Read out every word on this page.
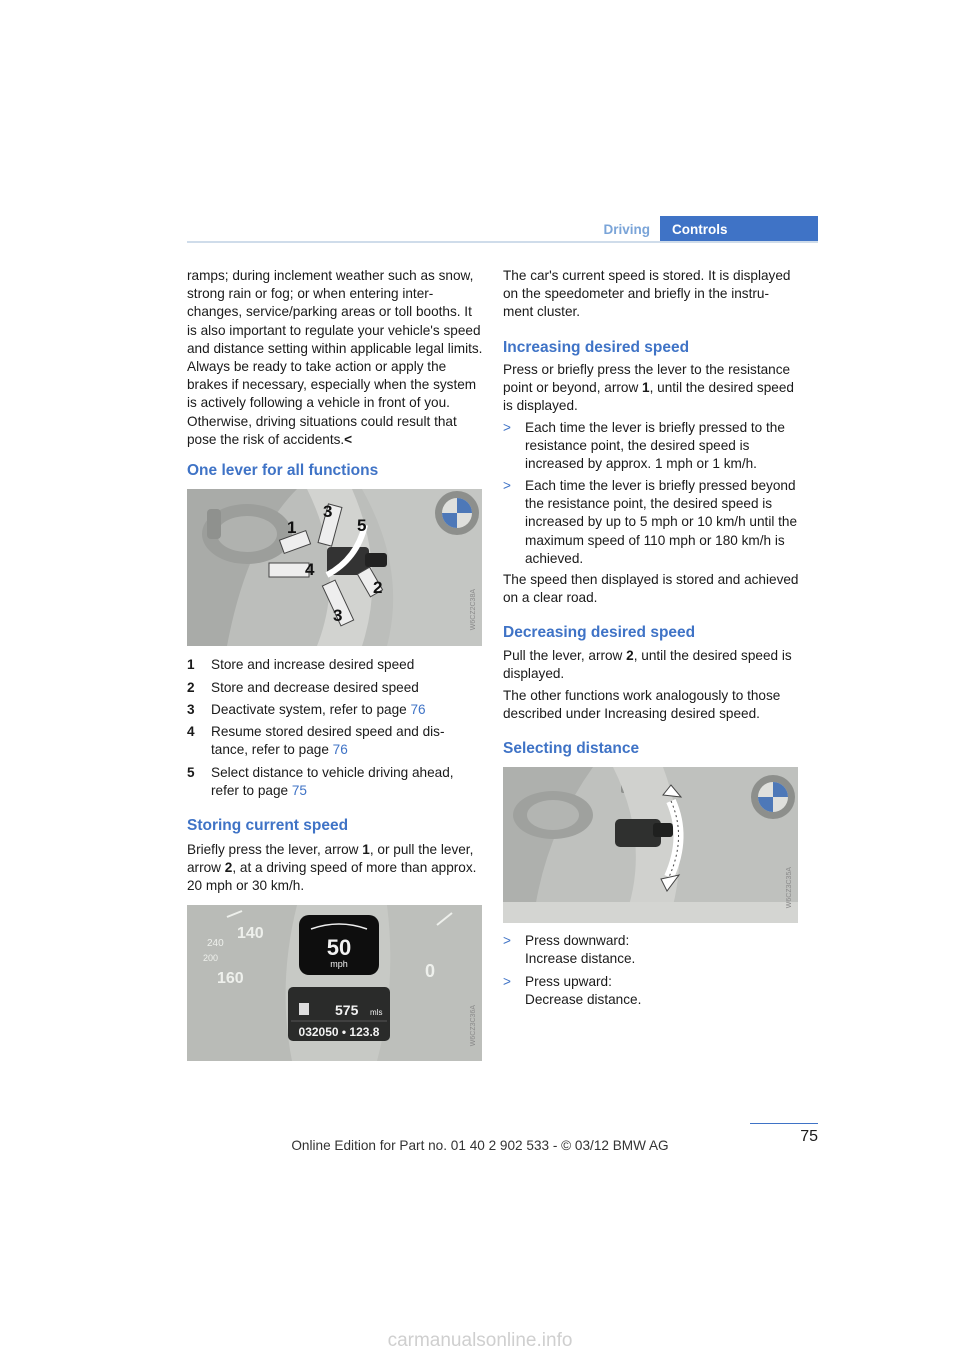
Driving	Controls
ramps; during inclement weather such as snow, strong rain or fog; or when entering inter-changes, service/parking areas or toll booths. It is also important to regulate your vehicle's speed and distance setting within applicable legal limits. Always be ready to take action or apply the brakes if necessary, especially when the system is actively following a vehicle in front of you. Otherwise, driving situations could result that pose the risk of accidents.<
One lever for all functions
1
2
3
4
5
3	W6CZ2C38A
1 Store and increase desired speed
2 Store and decrease desired speed
3 Deactivate system, refer to page 76
4 Resume stored desired speed and dis-tance, refer to page 76
5 Select distance to vehicle driving ahead, refer to page 75
Storing current speed
Briefly press the lever, arrow 1, or pull the lever, arrow 2, at a driving speed of more than approx. 20 mph or 30 km/h.
140
240
200
160	0
50
mph
575 mls
032050 • 123.8	W6CZ3C36A
The car's current speed is stored. It is displayed on the speedometer and briefly in the instru-ment cluster.
Increasing desired speed
Press or briefly press the lever to the resistance point or beyond, arrow 1, until the desired speed is displayed.
> Each time the lever is briefly pressed to the resistance point, the desired speed is increased by approx. 1 mph or 1 km/h.
> Each time the lever is briefly pressed beyond the resistance point, the desired speed is increased by up to 5 mph or 10 km/h until the maximum speed of 110 mph or 180 km/h is achieved.
The speed then displayed is stored and achieved on a clear road.
Decreasing desired speed
Pull the lever, arrow 2, until the desired speed is displayed.
The other functions work analogously to those described under Increasing desired speed.
Selecting distance
W6CZ3C35A
> Press downward:
Increase distance.
> Press upward:
Decrease distance.
75
Online Edition for Part no. 01 40 2 902 533 - © 03/12 BMW AG
carmanualsonline.info
